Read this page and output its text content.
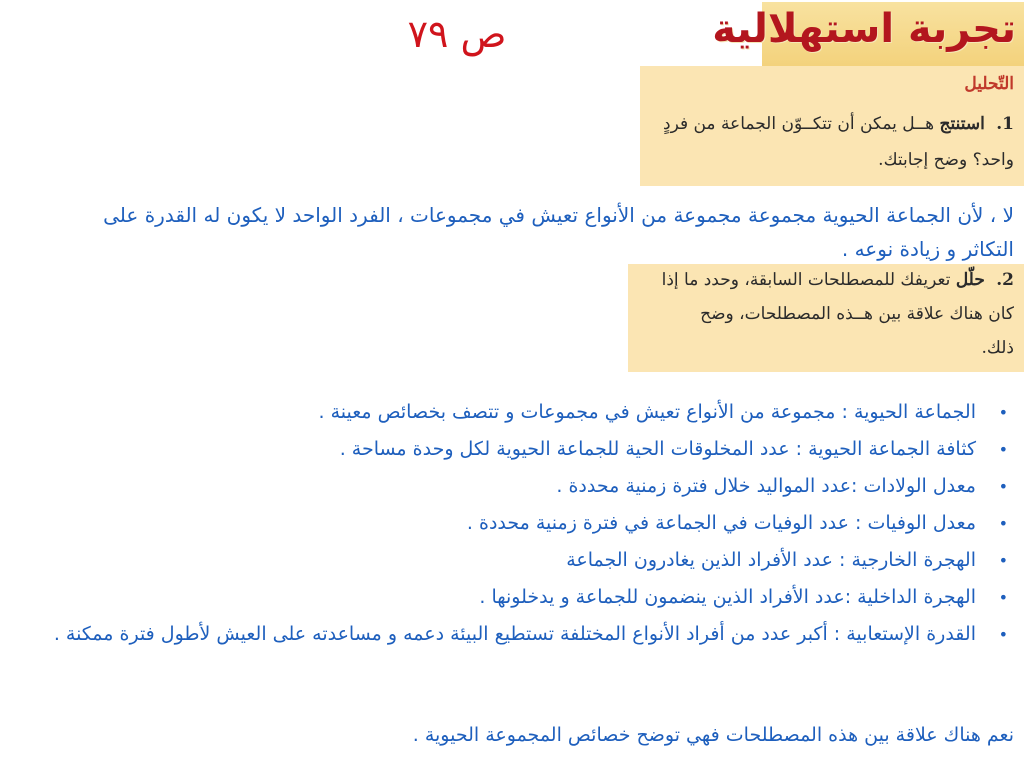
ص ٧٩	تجربة استهلالية
التّحليل
1. استنتج هــل يمكن أن تتكــوّن الجماعة من فردٍ
واحد؟ وضح إجابتك.
لا ، لأن الجماعة الحيوية مجموعة مجموعة من الأنواع تعيش في مجموعات ، الفرد الواحد لا يكون له القدرة على التكاثر و زيادة نوعه .
2. حلّل تعريفك للمصطلحات السابقة، وحدد ما إذا
كان هناك علاقة بين هــذه المصطلحات، وضح
ذلك.
•
الجماعة الحيوية : مجموعة من الأنواع تعيش في مجموعات و تتصف بخصائص معينة .
•
كثافة الجماعة الحيوية : عدد المخلوقات الحية للجماعة الحيوية لكل وحدة مساحة .
•
معدل الولادات :عدد المواليد خلال فترة زمنية محددة .
•
معدل الوفيات : عدد الوفيات في الجماعة في فترة زمنية محددة .
•
الهجرة الخارجية : عدد الأفراد الذين يغادرون الجماعة
•
الهجرة الداخلية :عدد الأفراد الذين ينضمون للجماعة و يدخلونها .
•
القدرة الإستعابية : أكبر عدد من أفراد الأنواع المختلفة تستطيع البيئة دعمه و مساعدته على العيش لأطول فترة ممكنة .
نعم هناك علاقة بين هذه المصطلحات فهي توضح خصائص المجموعة الحيوية .
